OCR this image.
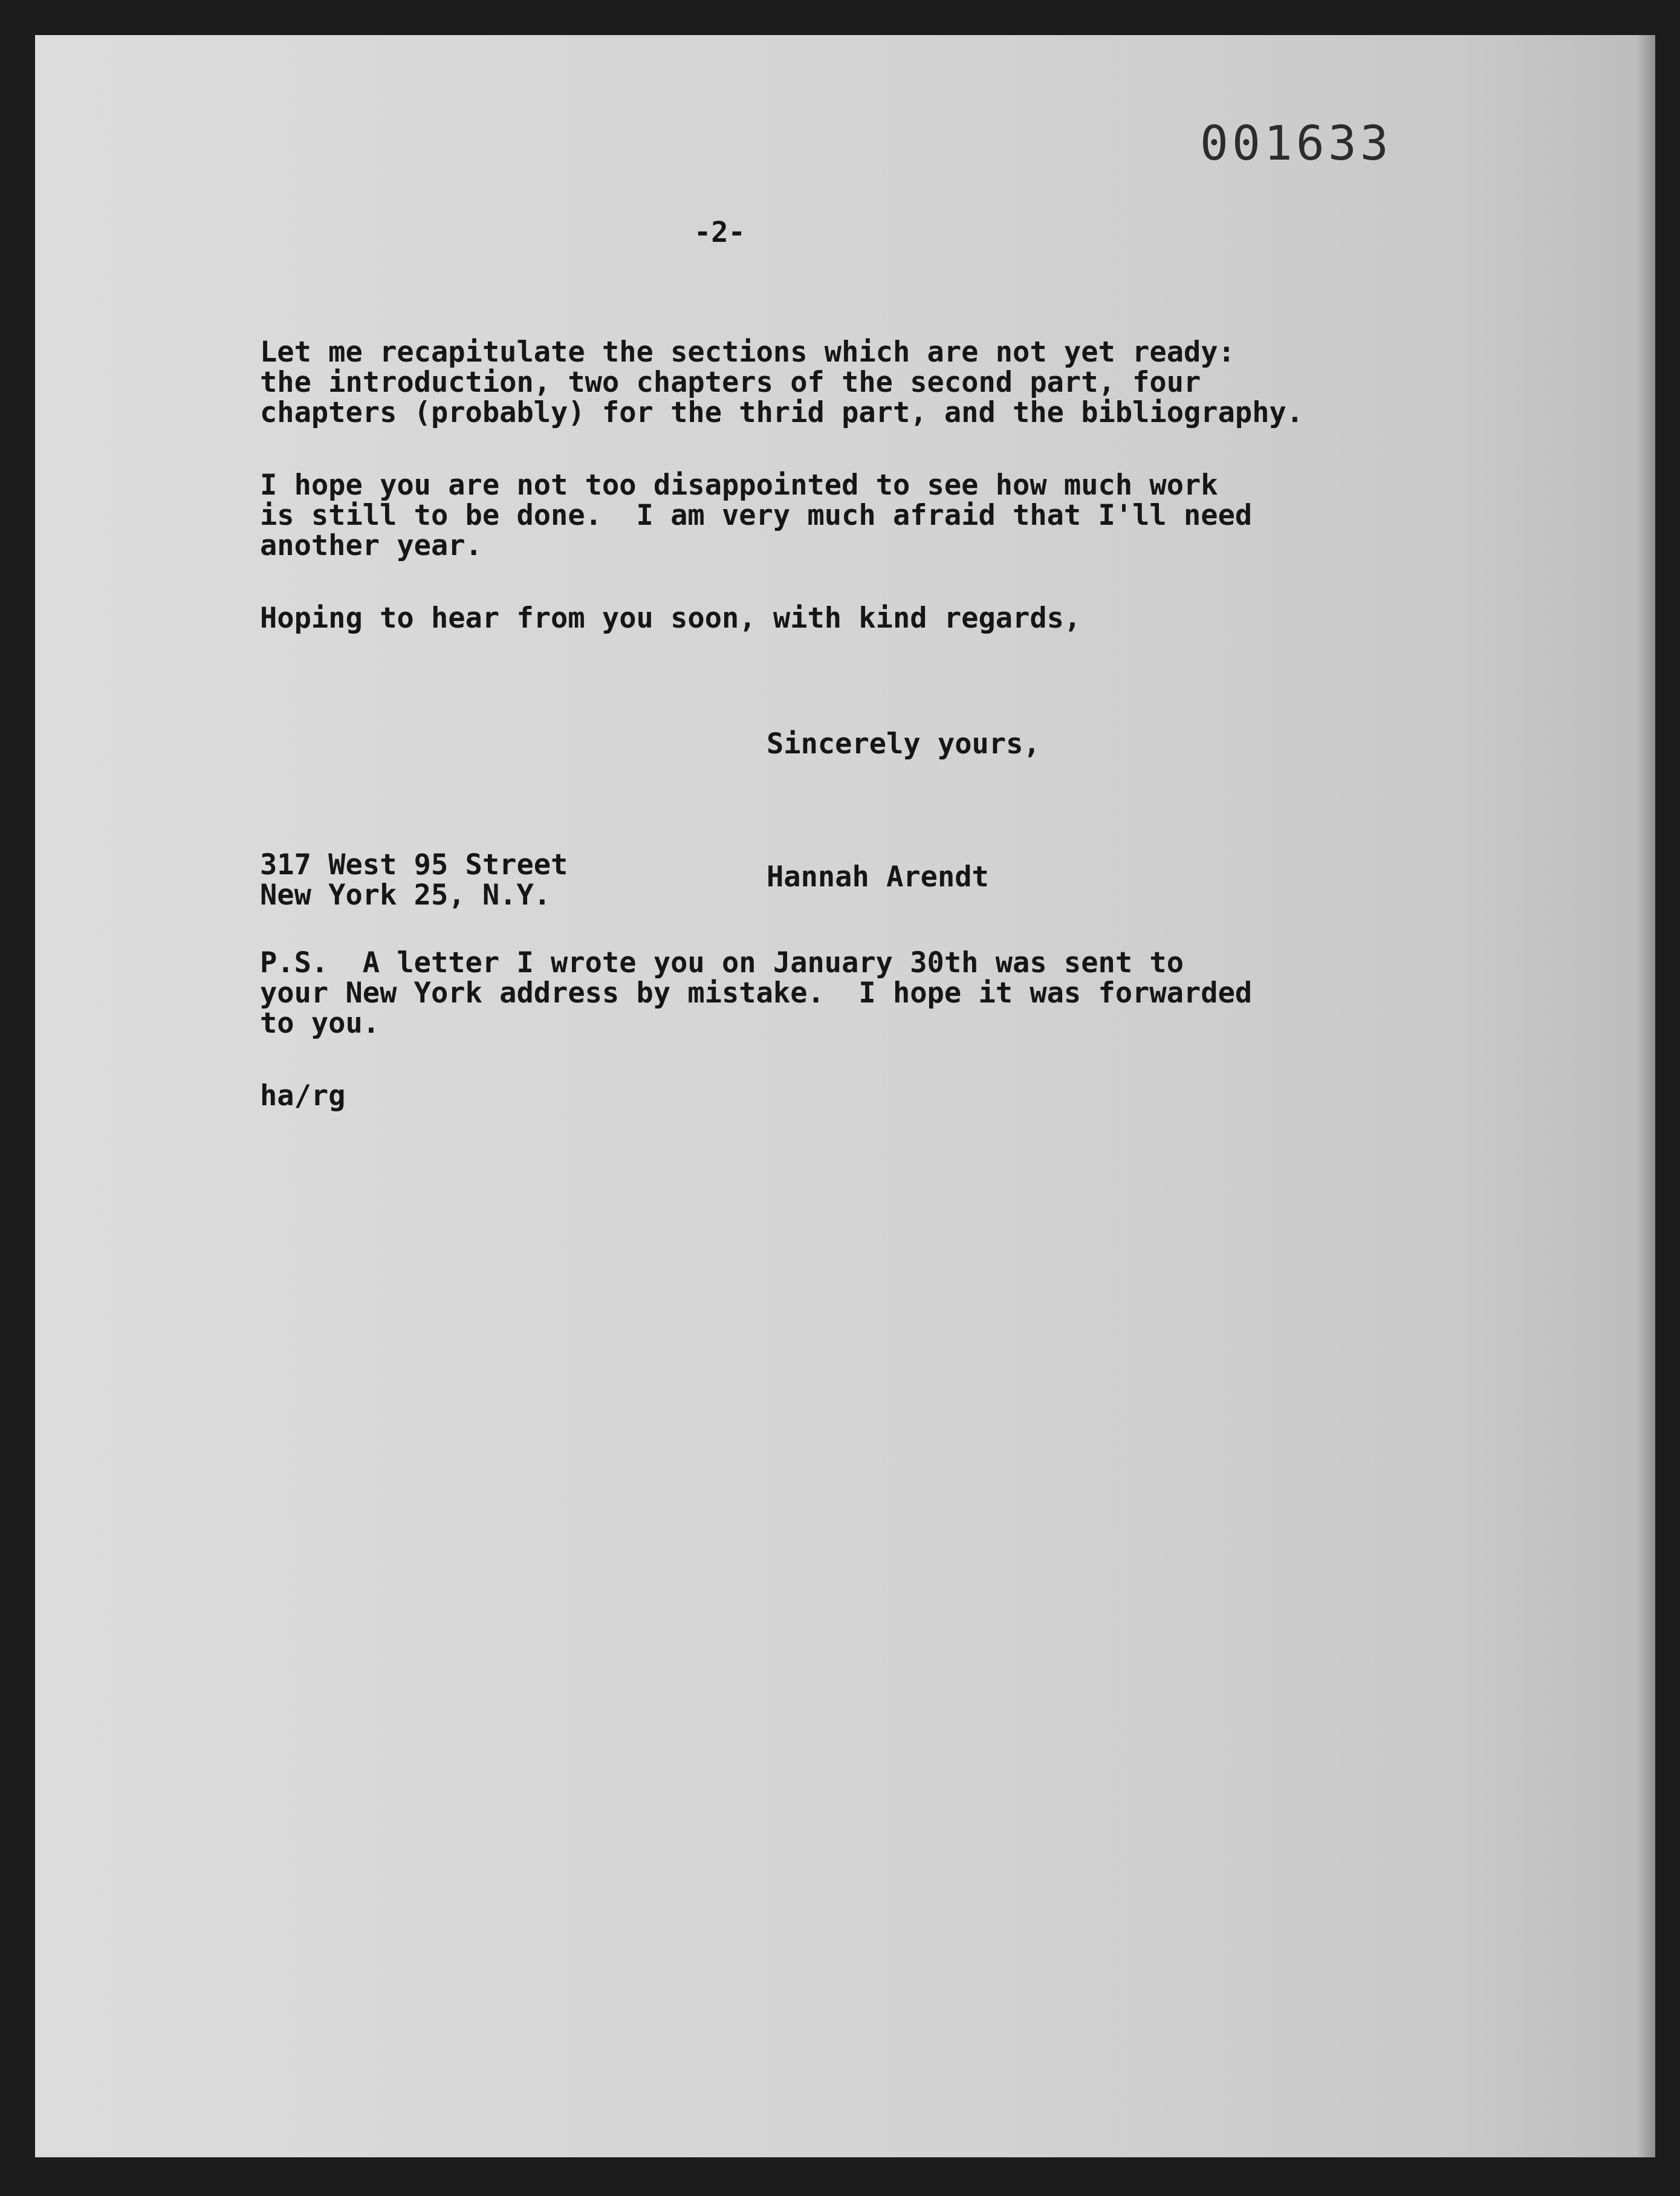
001633

-2-

Let me recapitulate the sections which are not yet ready:
the introduction, two chapters of the second part, four
chapters (probably) for the thrid part, and the bibliography.

I hope you are not too disappointed to see how much work
is still to be done.  I am very much afraid that I'll need
another year.

Hoping to hear from you soon, with kind regards,

Sincerely yours,

317 West 95 Street
New York 25, N.Y.

Hannah Arendt

P.S.  A letter I wrote you on January 30th was sent to
your New York address by mistake.  I hope it was forwarded
to you.

ha/rg
